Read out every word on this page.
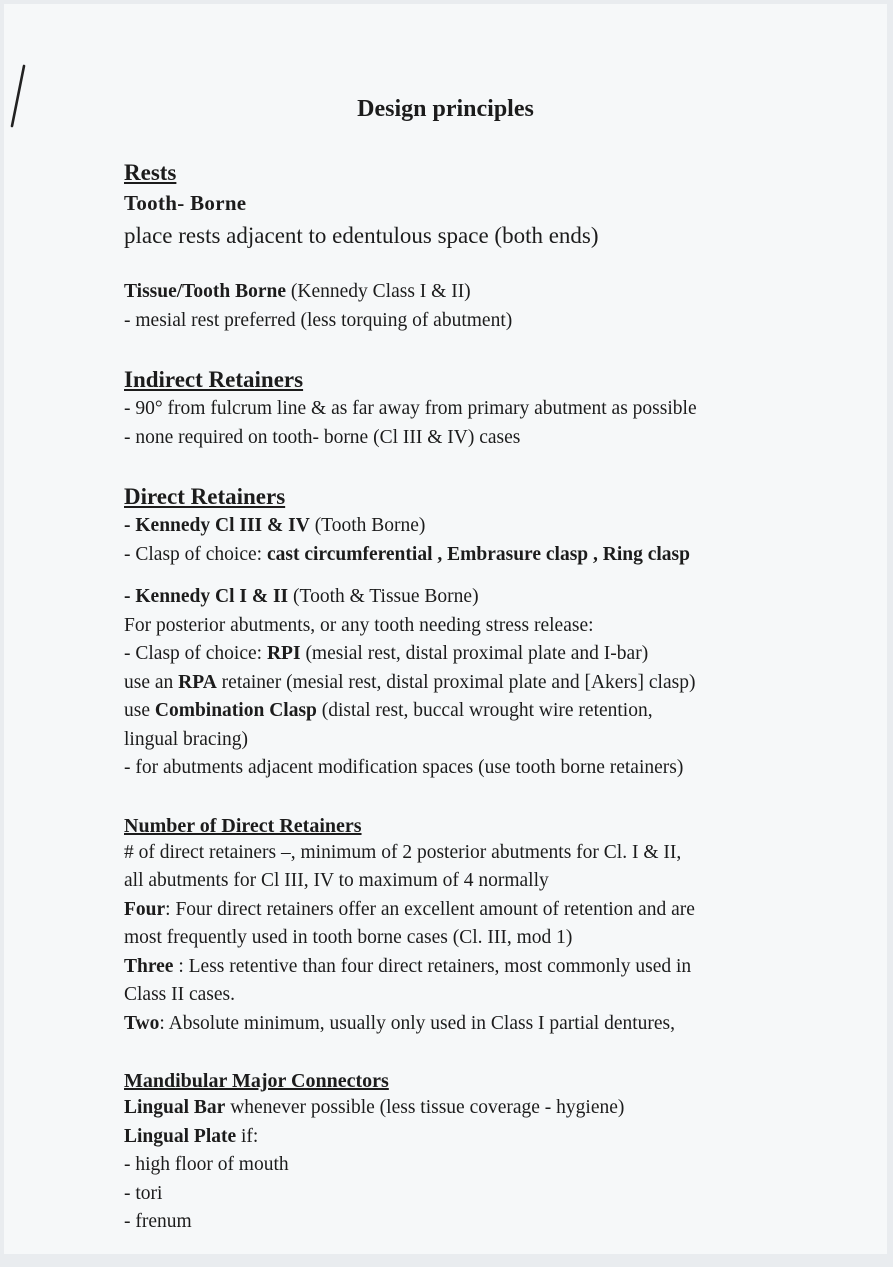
Design principles
Rests
Tooth- Borne
place rests adjacent to edentulous space (both ends)
Tissue/Tooth Borne (Kennedy Class I & II)
- mesial rest preferred (less torquing of abutment)
Indirect Retainers
- 90° from fulcrum line & as far away from primary abutment as possible
- none required on tooth- borne (Cl III & IV) cases
Direct Retainers
- Kennedy Cl III & IV (Tooth Borne)
- Clasp of choice: cast circumferential , Embrasure clasp , Ring clasp
- Kennedy Cl I & II (Tooth & Tissue Borne)
For posterior abutments, or any tooth needing stress release:
- Clasp of choice: RPI (mesial rest, distal proximal plate and I-bar)
use an RPA retainer (mesial rest, distal proximal plate and [Akers] clasp)
use Combination Clasp (distal rest, buccal wrought wire retention,
lingual bracing)
- for abutments adjacent modification spaces (use tooth borne retainers)
Number of Direct Retainers
# of direct retainers –, minimum of 2 posterior abutments for Cl. I & II,
all abutments for Cl III, IV to maximum of 4 normally
Four: Four direct retainers offer an excellent amount of retention and are
most frequently used in tooth borne cases (Cl. III, mod 1)
Three : Less retentive than four direct retainers, most commonly used in
Class II cases.
Two: Absolute minimum, usually only used in Class I partial dentures,
Mandibular Major Connectors
Lingual Bar whenever possible (less tissue coverage - hygiene)
Lingual Plate if:
- high floor of mouth
- tori
- frenum
